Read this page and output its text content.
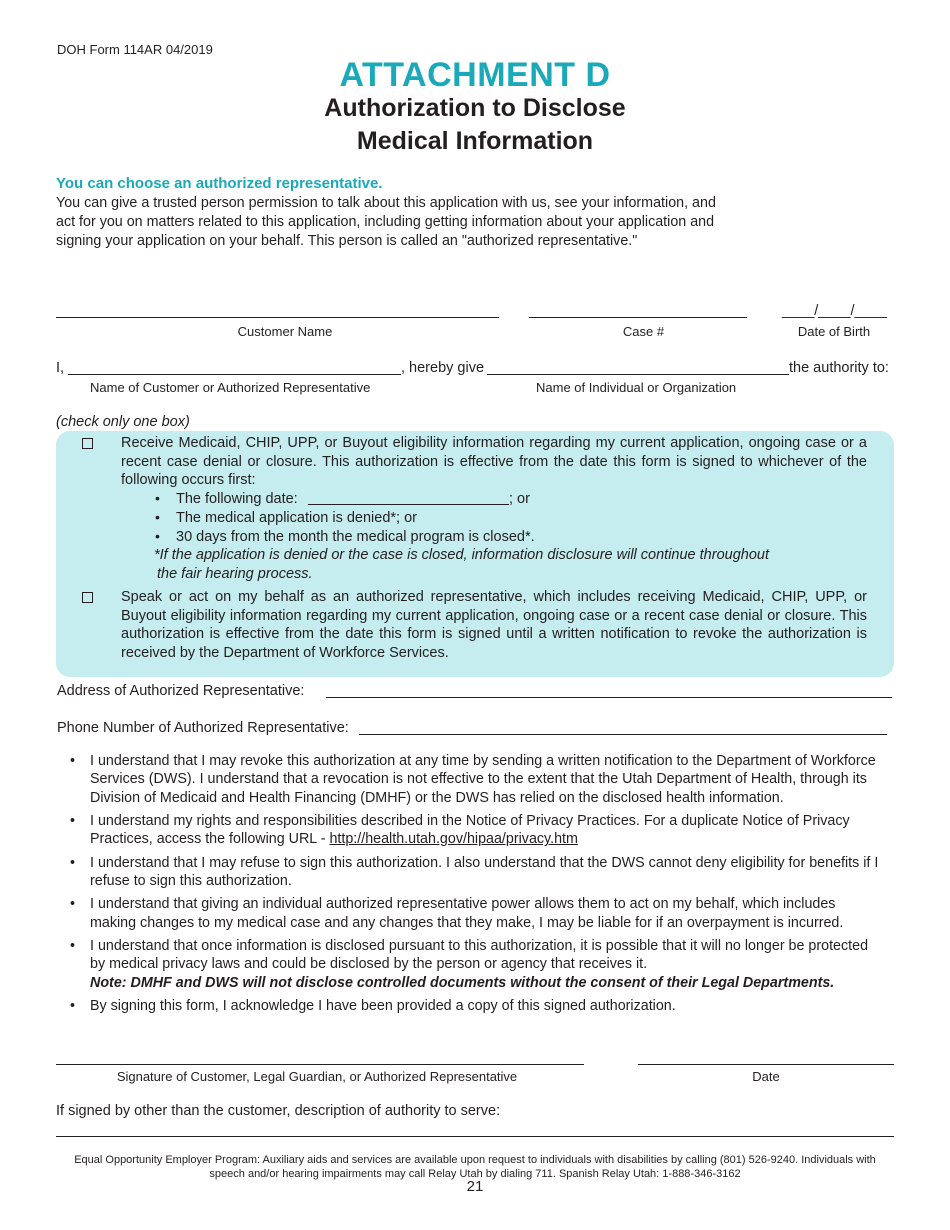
DOH Form 114AR 04/2019
ATTACHMENT D
Authorization to Disclose
Medical Information
You can choose an authorized representative.
You can give a trusted person permission to talk about this application with us, see your information, and act for you on matters related to this application, including getting information about your application and signing your application on your behalf. This person is called an "authorized representative."
Customer Name	Case #
____/____/____
Date of Birth
I,	, hereby give	the authority to:
Name of Customer or Authorized Representative	Name of Individual or Organization
(check only one box)
Receive Medicaid, CHIP, UPP, or Buyout eligibility information regarding my current application, ongoing case or a recent case denial or closure. This authorization is effective from the date this form is signed to whichever of the following occurs first:
• The following date:	; or
• The medical application is denied*; or
• 30 days from the month the medical program is closed*.
*If the application is denied or the case is closed, information disclosure will continue throughout
the fair hearing process.
Speak or act on my behalf as an authorized representative, which includes receiving Medicaid, CHIP, UPP, or Buyout eligibility information regarding my current application, ongoing case or a recent case denial or closure. This authorization is effective from the date this form is signed until a written notification to revoke the authorization is received by the Department of Workforce Services.
Address of Authorized Representative:
Phone Number of Authorized Representative:
• I understand that I may revoke this authorization at any time by sending a written notification to the Department of Workforce Services (DWS). I understand that a revocation is not effective to the extent that the Utah Department of Health, through its Division of Medicaid and Health Financing (DMHF) or the DWS has relied on the disclosed health information.
• I understand my rights and responsibilities described in the Notice of Privacy Practices. For a duplicate Notice of Privacy Practices, access the following URL - http://health.utah.gov/hipaa/privacy.htm
• I understand that I may refuse to sign this authorization. I also understand that the DWS cannot deny eligibility for benefits if I refuse to sign this authorization.
• I understand that giving an individual authorized representative power allows them to act on my behalf, which includes making changes to my medical case and any changes that they make, I may be liable for if an overpayment is incurred.
• I understand that once information is disclosed pursuant to this authorization, it is possible that it will no longer be protected by medical privacy laws and could be disclosed by the person or agency that receives it.
Note: DMHF and DWS will not disclose controlled documents without the consent of their Legal Departments.
• By signing this form, I acknowledge I have been provided a copy of this signed authorization.
Signature of Customer, Legal Guardian, or Authorized Representative	Date
If signed by other than the customer, description of authority to serve:
Equal Opportunity Employer Program: Auxiliary aids and services are available upon request to individuals with disabilities by calling (801) 526-9240. Individuals with
speech and/or hearing impairments may call Relay Utah by dialing 711. Spanish Relay Utah: 1-888-346-3162
21
